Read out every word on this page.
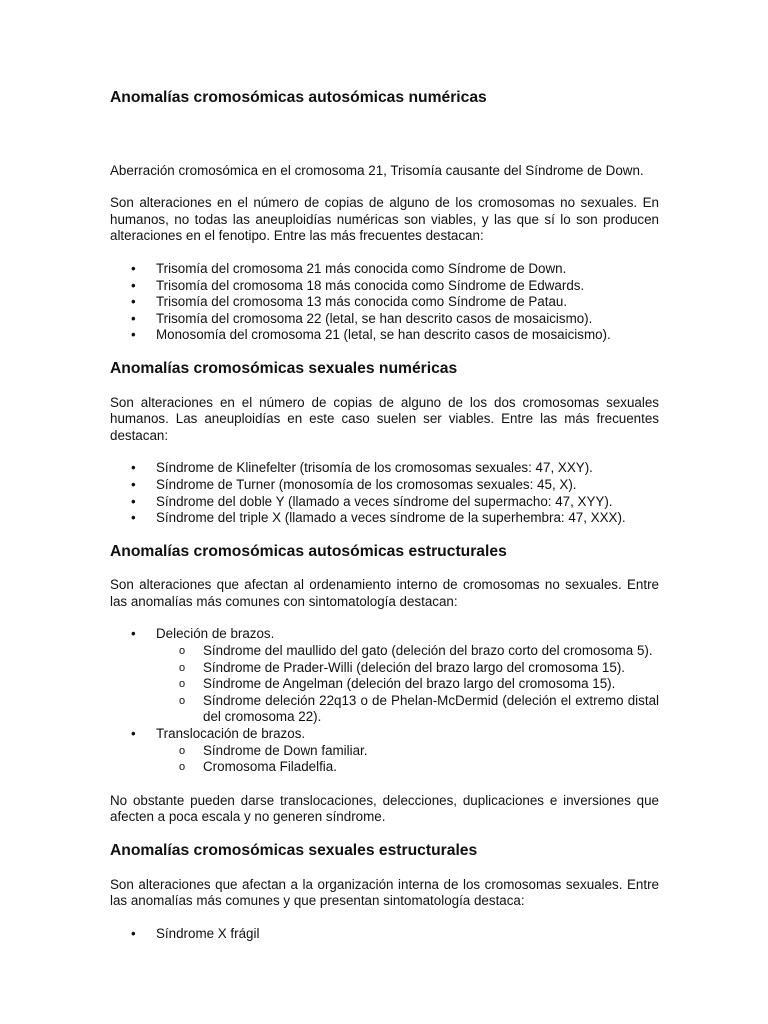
Anomalías cromosómicas autosómicas numéricas

Aberración cromosómica en el cromosoma 21, Trisomía causante del Síndrome de Down.

Son alteraciones en el número de copias de alguno de los cromosomas no sexuales. En humanos, no todas las aneuploidías numéricas son viables, y las que sí lo son producen alteraciones en el fenotipo. Entre las más frecuentes destacan:

•	Trisomía del cromosoma 21 más conocida como Síndrome de Down.
•	Trisomía del cromosoma 18 más conocida como Síndrome de Edwards.
•	Trisomía del cromosoma 13 más conocida como Síndrome de Patau.
•	Trisomía del cromosoma 22 (letal, se han descrito casos de mosaicismo).
•	Monosomía del cromosoma 21 (letal, se han descrito casos de mosaicismo).
Anomalías cromosómicas sexuales numéricas

Son alteraciones en el número de copias de alguno de los dos cromosomas sexuales humanos. Las aneuploidías en este caso suelen ser viables. Entre las más frecuentes destacan:

•	Síndrome de Klinefelter (trisomía de los cromosomas sexuales: 47, XXY).
•	Síndrome de Turner (monosomía de los cromosomas sexuales: 45, X).
•	Síndrome del doble Y (llamado a veces síndrome del supermacho: 47, XYY).
•	Síndrome del triple X (llamado a veces síndrome de la superhembra: 47, XXX).
Anomalías cromosómicas autosómicas estructurales

Son alteraciones que afectan al ordenamiento interno de cromosomas no sexuales. Entre las anomalías más comunes con sintomatología destacan:

•	Deleción de brazos.
o Síndrome del maullido del gato (deleción del brazo corto del cromosoma 5).
o Síndrome de Prader-Willi (deleción del brazo largo del cromosoma 15).
o Síndrome de Angelman (deleción del brazo largo del cromosoma 15).
o Síndrome deleción 22q13 o de Phelan-McDermid (deleción el extremo distal del cromosoma 22).
•	Translocación de brazos.
o Síndrome de Down familiar.
o Cromosoma Filadelfia.

No obstante pueden darse translocaciones, delecciones, duplicaciones e inversiones que afecten a poca escala y no generen síndrome.

Anomalías cromosómicas sexuales estructurales

Son alteraciones que afectan a la organización interna de los cromosomas sexuales. Entre las anomalías más comunes y que presentan sintomatología destaca:

•	Síndrome X frágil
